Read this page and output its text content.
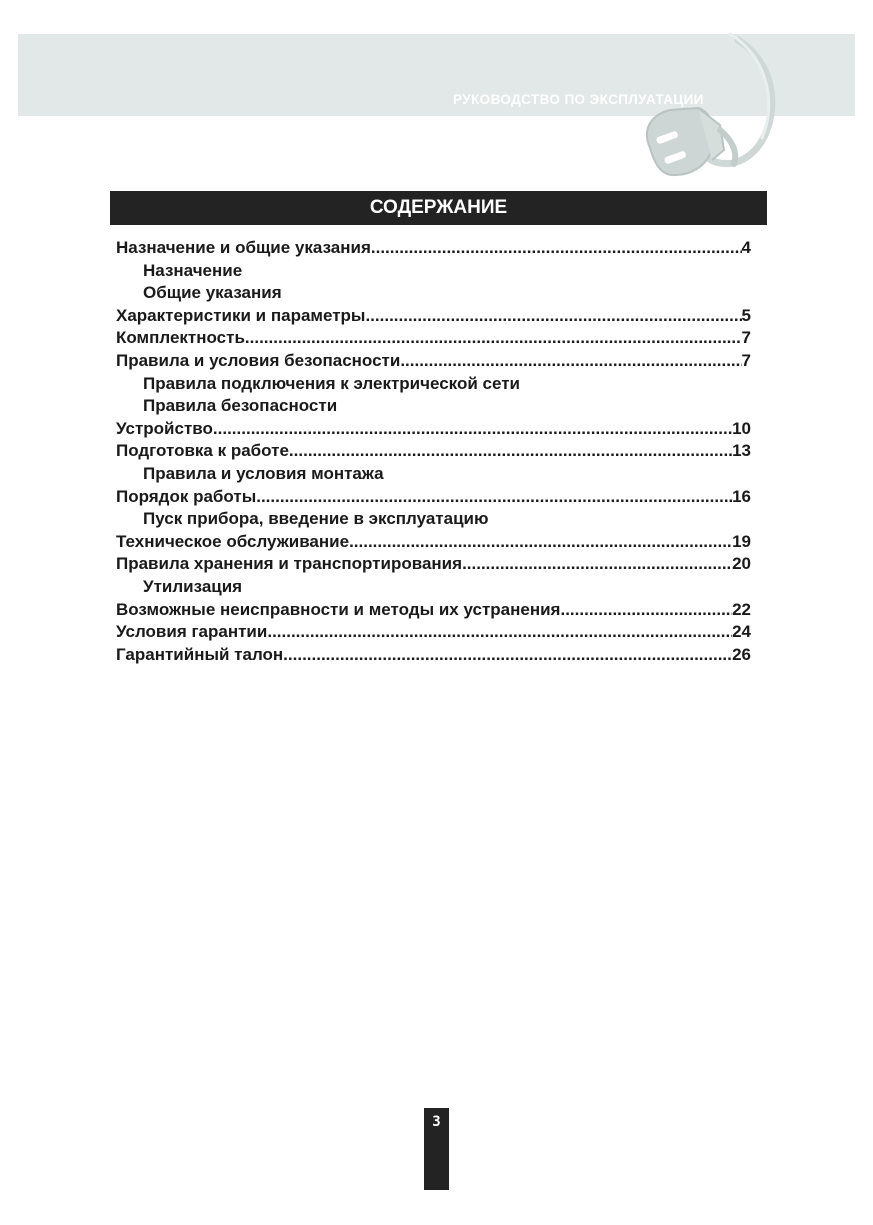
РУКОВОДСТВО ПО ЭКСПЛУАТАЦИИ
СОДЕРЖАНИЕ
Назначение и общие указания .....	4
Назначение
Общие указания
Характеристики и параметры .....	5
Комплектность .....	7
Правила и условия безопасности .....	7
Правила подключения к электрической сети
Правила безопасности
Устройство .....	10
Подготовка к работе .....	13
Правила и условия монтажа
Порядок работы .....	16
Пуск прибора, введение в эксплуатацию
Техническое обслуживание .....	19
Правила хранения и транспортирования .....	20
Утилизация
Возможные неисправности и методы их устранения .....	22
Условия гарантии .....	24
Гарантийный талон .....	26
3
